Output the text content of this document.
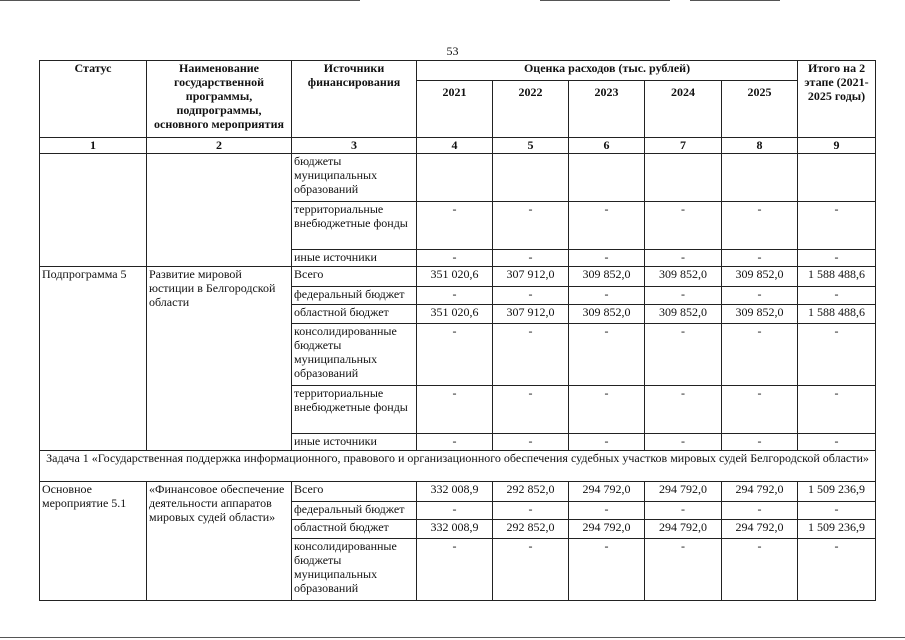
53
Статус	Наименование государственной программы, подпрограммы, основного мероприятия	Источники финансирования	Оценка расходов (тыс. рублей)					Итого на 2 этапе (2021-2025 годы)
			2021	2022	2023	2024	2025	
1	2	3	4	5	6	7	8	9
		бюджеты муниципальных образований						
		территориальные внебюджетные фонды	-	-	-	-	-	-
		иные источники	-	-	-	-	-	-
Подпрограмма 5	Развитие мировой юстиции в Белгородской области	Всего	351 020,6	307 912,0	309 852,0	309 852,0	309 852,0	1 588 488,6
		федеральный бюджет	-	-	-	-	-	-
		областной бюджет	351 020,6	307 912,0	309 852,0	309 852,0	309 852,0	1 588 488,6
		консолидированные бюджеты муниципальных образований	-	-	-	-	-	-
		территориальные внебюджетные фонды	-	-	-	-	-	-
		иные источники	-	-	-	-	-	-
Задача 1 «Государственная поддержка информационного, правового и организационного обеспечения судебных участков мировых судей Белгородской области»								
Основное мероприятие 5.1	«Финансовое обеспечение деятельности аппаратов мировых судей области»	Всего	332 008,9	292 852,0	294 792,0	294 792,0	294 792,0	1 509 236,9
		федеральный бюджет	-	-	-	-	-	-
		областной бюджет	332 008,9	292 852,0	294 792,0	294 792,0	294 792,0	1 509 236,9
		консолидированные бюджеты муниципальных образований	-	-	-	-	-	-
